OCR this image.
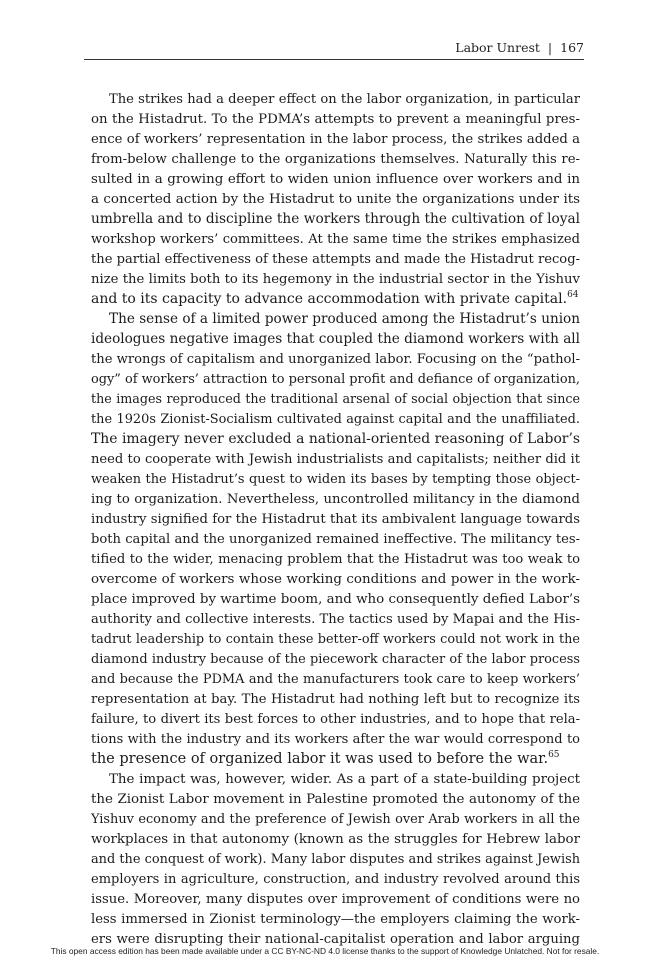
Labor Unrest | 167
The strikes had a deeper effect on the labor organization, in particular
on the Histadrut. To the PDMA’s attempts to prevent a meaningful pres-
ence of workers’ representation in the labor process, the strikes added a
from-below challenge to the organizations themselves. Naturally this re-
sulted in a growing effort to widen union influence over workers and in
a concerted action by the Histadrut to unite the organizations under its
umbrella and to discipline the workers through the cultivation of loyal
workshop workers’ committees. At the same time the strikes emphasized
the partial effectiveness of these attempts and made the Histadrut recog-
nize the limits both to its hegemony in the industrial sector in the Yishuv
and to its capacity to advance accommodation with private capital.$^{64}$
The sense of a limited power produced among the Histadrut’s union
ideologues negative images that coupled the diamond workers with all
the wrongs of capitalism and unorganized labor. Focusing on the “pathol-
ogy” of workers’ attraction to personal profit and defiance of organization,
the images reproduced the traditional arsenal of social objection that since
the 1920s Zionist-Socialism cultivated against capital and the unaffiliated.
The imagery never excluded a national-oriented reasoning of Labor’s
need to cooperate with Jewish industrialists and capitalists; neither did it
weaken the Histadrut’s quest to widen its bases by tempting those object-
ing to organization. Nevertheless, uncontrolled militancy in the diamond
industry signified for the Histadrut that its ambivalent language towards
both capital and the unorganized remained ineffective. The militancy tes-
tified to the wider, menacing problem that the Histadrut was too weak to
overcome of workers whose working conditions and power in the work-
place improved by wartime boom, and who consequently defied Labor’s
authority and collective interests. The tactics used by Mapai and the His-
tadrut leadership to contain these better-off workers could not work in the
diamond industry because of the piecework character of the labor process
and because the PDMA and the manufacturers took care to keep workers’
representation at bay. The Histadrut had nothing left but to recognize its
failure, to divert its best forces to other industries, and to hope that rela-
tions with the industry and its workers after the war would correspond to
the presence of organized labor it was used to before the war.$^{65}$
The impact was, however, wider. As a part of a state-building project
the Zionist Labor movement in Palestine promoted the autonomy of the
Yishuv economy and the preference of Jewish over Arab workers in all the
workplaces in that autonomy (known as the struggles for Hebrew labor
and the conquest of work). Many labor disputes and strikes against Jewish
employers in agriculture, construction, and industry revolved around this
issue. Moreover, many disputes over improvement of conditions were no
less immersed in Zionist terminology—the employers claiming the work-
ers were disrupting their national-capitalist operation and labor arguing
This open access edition has been made available under a CC BY-NC-ND 4.0 license thanks to the support of Knowledge Unlatched. Not for resale.
